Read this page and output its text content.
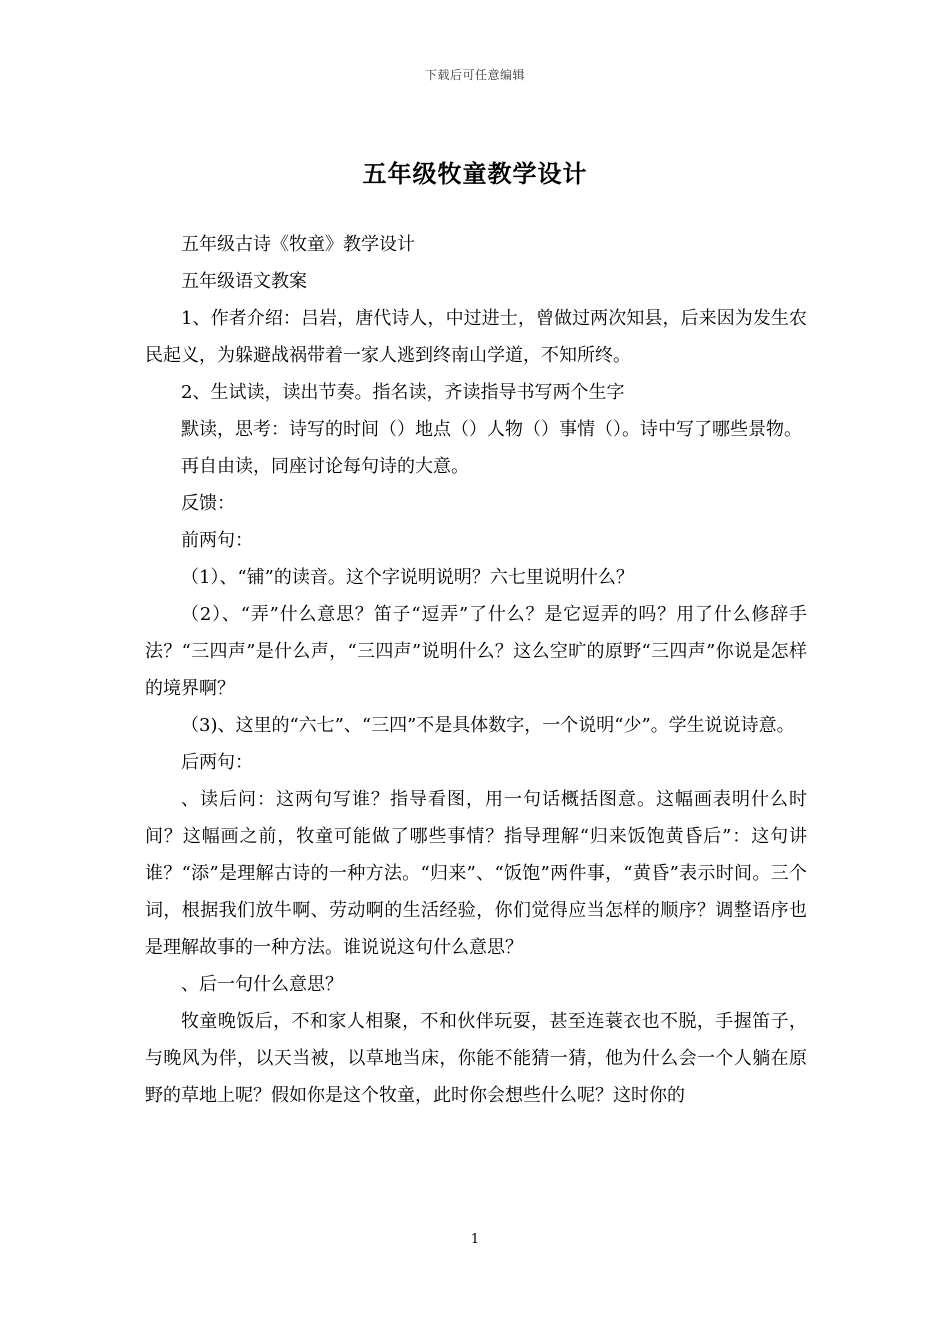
下载后可任意编辑
五年级牧童教学设计

五年级古诗《牧童》教学设计

五年级语文教案

1、作者介绍：吕岩，唐代诗人，中过进士，曾做过两次知县，后来因为发生农民起义，为躲避战祸带着一家人逃到终南山学道，不知所终。

2、生试读，读出节奏。指名读，齐读指导书写两个生字

默读，思考：诗写的时间（）地点（）人物（）事情（）。诗中写了哪些景物。

再自由读，同座讨论每句诗的大意。

反馈：

前两句：

（1）、“铺”的读音。这个字说明说明？六七里说明什么？

（2）、“弄”什么意思？笛子“逗弄”了什么？是它逗弄的吗？用了什么修辞手法？“三四声”是什么声，“三四声”说明什么？这么空旷的原野“三四声”你说是怎样的境界啊？

（3)、这里的“六七”、“三四”不是具体数字，一个说明“少”。学生说说诗意。

后两句：

、读后问：这两句写谁？指导看图，用一句话概括图意。这幅画表明什么时间？这幅画之前，牧童可能做了哪些事情？指导理解“归来饭饱黄昏后”：这句讲谁？“添”是理解古诗的一种方法。“归来”、“饭饱”两件事，“黄昏”表示时间。三个词，根据我们放牛啊、劳动啊的生活经验，你们觉得应当怎样的顺序？调整语序也是理解故事的一种方法。谁说说这句什么意思？

、后一句什么意思？

牧童晚饭后，不和家人相聚，不和伙伴玩耍，甚至连蓑衣也不脱，手握笛子，与晚风为伴，以天当被，以草地当床，你能不能猜一猜，他为什么会一个人躺在原野的草地上呢？假如你是这个牧童，此时你会想些什么呢？这时你的

1
